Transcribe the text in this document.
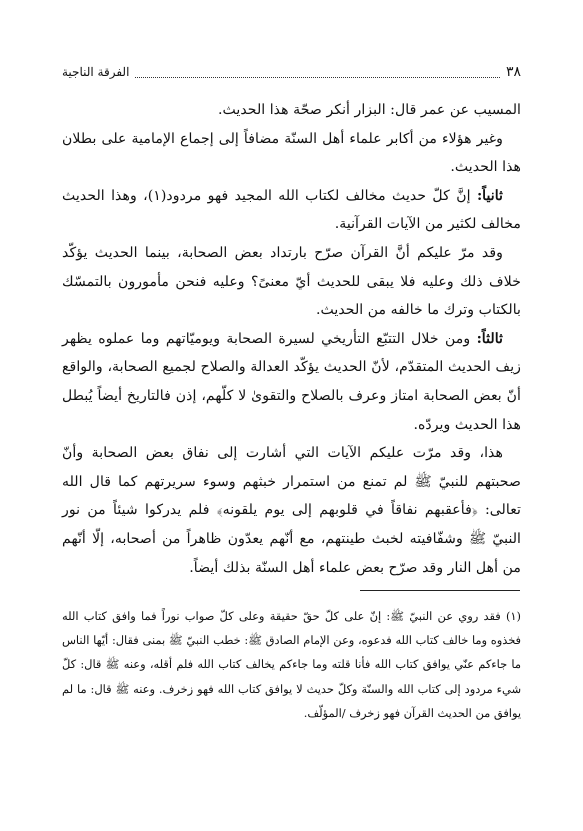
٣٨
الفرقة الناجية

المسيب عن عمر قال: البزار أنكر صحّة هذا الحديث.

وغير هؤلاء من أكابر علماء أهل السنّة مضافاً إلى إجماع الإمامية على بطلان هذا الحديث.

ثانياً: إنَّ كلّ حديث مخالف لكتاب الله المجيد فهو مردود(١)، وهذا الحديث مخالف لكثير من الآيات القرآنية.

وقد مرّ عليكم أنَّ القرآن صرّح بارتداد بعض الصحابة، بينما الحديث يؤكّد خلاف ذلك وعليه فلا يبقى للحديث أيّ معنىً؟ وعليه فنحن مأمورون بالتمسّك بالكتاب وترك ما خالفه من الحديث.

ثالثاً: ومن خلال التتبّع التأريخي لسيرة الصحابة ويوميّاتهم وما عملوه يظهر زيف الحديث المتقدّم، لأنّ الحديث يؤكّد العدالة والصلاح لجميع الصحابة، والواقع أنّ بعض الصحابة امتاز وعرف بالصلاح والتقوىٰ لا كلّهم، إذن فالتاريخ أيضاً يُبطل هذا الحديث ويردّه.

هذا، وقد مرّت عليكم الآيات التي أشارت إلى نفاق بعض الصحابة وأنّ صحبتهم للنبيّ ﷺ لم تمنع من استمرار خبثهم وسوء سريرتهم كما قال الله تعالى: ﴿فأعقبهم نفاقاً في قلوبهم إلى يوم يلقونه﴾ فلم يدركوا شيئاً من نور النبيّ ﷺ وشفّافيته لخبث طينتهم، مع أنّهم يعدّون ظاهراً من أصحابه، إلّا أنّهم من أهل النار وقد صرّح بعض علماء أهل السنّة بذلك أيضاً.

(١) فقد روي عن النبيّ ﷺ: إنّ على كلّ حقّ حقيقة وعلى كلّ صواب نوراً فما وافق كتاب الله فخذوه وما خالف كتاب الله فدعوه، وعن الإمام الصادق ﷺ: خطب النبيّ ﷺ بمنى فقال: أيّها الناس ما جاءكم عنّي يوافق كتاب الله فأنا قلته وما جاءكم يخالف كتاب الله فلم أقله، وعنه ﷺ قال: كلّ شيء مردود إلى كتاب الله والسنّة وكلّ حديث لا يوافق كتاب الله فهو زخرف. وعنه ﷺ قال: ما لم يوافق من الحديث القرآن فهو زخرف /المؤلّف.
